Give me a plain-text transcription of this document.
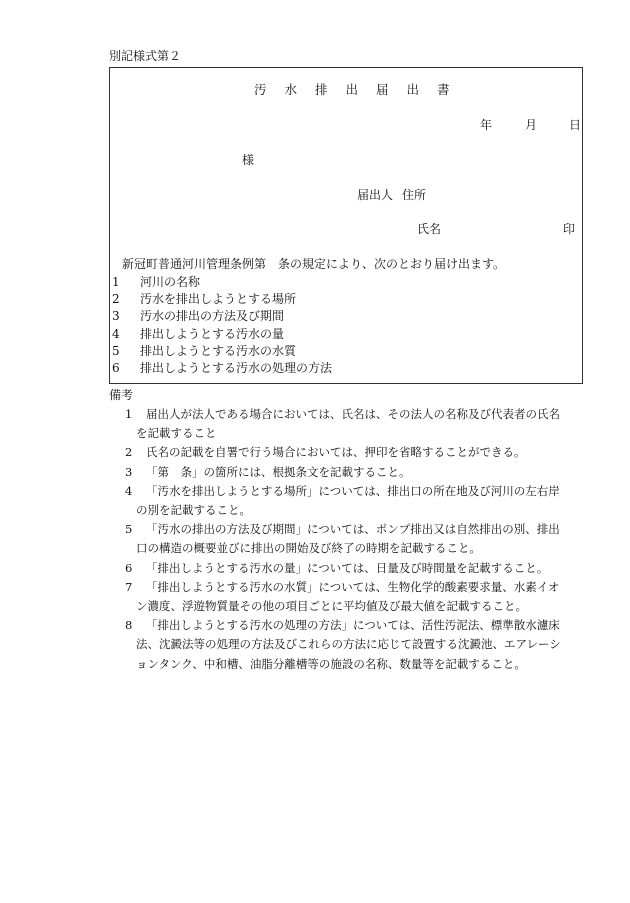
別記様式第２
汚水排出届出書
年	月	日
様
届出人 住所
氏名	印
新冠町普通河川管理条例第　条の規定により、次のとおり届け出ます。
1 河川の名称
2 汚水を排出しようとする場所
3 汚水の排出の方法及び期間
4 排出しようとする汚水の量
5 排出しようとする汚水の水質
6 排出しようとする汚水の処理の方法
備考
1 届出人が法人である場合においては、氏名は、その法人の名称及び代表者の氏名
を記載すること
2 氏名の記載を自署で行う場合においては、押印を省略することができる。
3 「第　条」の箇所には、根拠条文を記載すること。
4 「汚水を排出しようとする場所」については、排出口の所在地及び河川の左右岸
の別を記載すること。
5 「汚水の排出の方法及び期間」については、ポンプ排出又は自然排出の別、排出
口の構造の概要並びに排出の開始及び終了の時期を記載すること。
6 「排出しようとする汚水の量」については、日量及び時間量を記載すること。
7 「排出しようとする汚水の水質」については、生物化学的酸素要求量、水素イオ
ン濃度、浮遊物質量その他の項目ごとに平均値及び最大値を記載すること。
8 「排出しようとする汚水の処理の方法」については、活性汚泥法、標準散水濾床
法、沈澱法等の処理の方法及びこれらの方法に応じて設置する沈澱池、エアレーシ
ョンタンク、中和槽、油脂分離槽等の施設の名称、数量等を記載すること。
